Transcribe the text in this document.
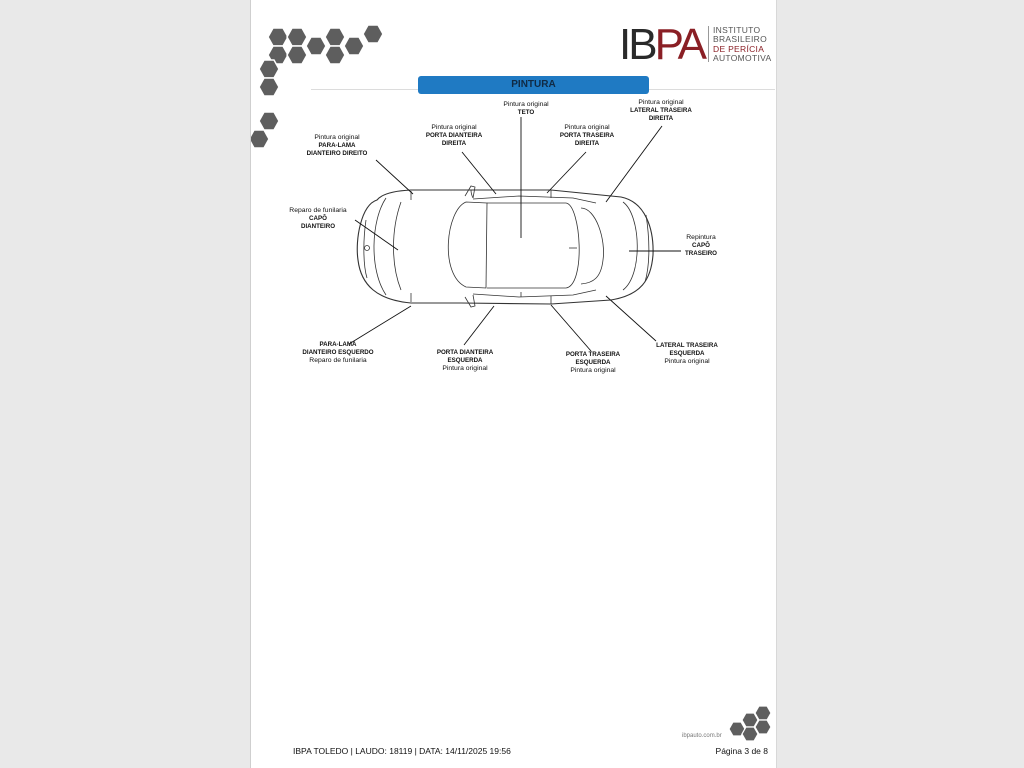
IBPA INSTITUTO
BRASILEIRO
DE PERÍCIA
AUTOMOTIVA
PINTURA
Pintura original
TETO
Pintura original
PORTA DIANTEIRA
DIREITA
Pintura original
PORTA TRASEIRA
DIREITA
Pintura original
LATERAL TRASEIRA
DIREITA
Pintura original
PARA-LAMA
DIANTEIRO DIREITO
Reparo de funilaria
CAPÔ
DIANTEIRO
Repintura
CAPÔ
TRASEIRO
PARA-LAMA
DIANTEIRO ESQUERDO
Reparo de funilaria
PORTA DIANTEIRA
ESQUERDA
Pintura original
PORTA TRASEIRA
ESQUERDA
Pintura original
LATERAL TRASEIRA
ESQUERDA
Pintura original
ibpauto.com.br
IBPA TOLEDO | LAUDO: 18119 | DATA: 14/11/2025 19:56	Página 3 de 8
